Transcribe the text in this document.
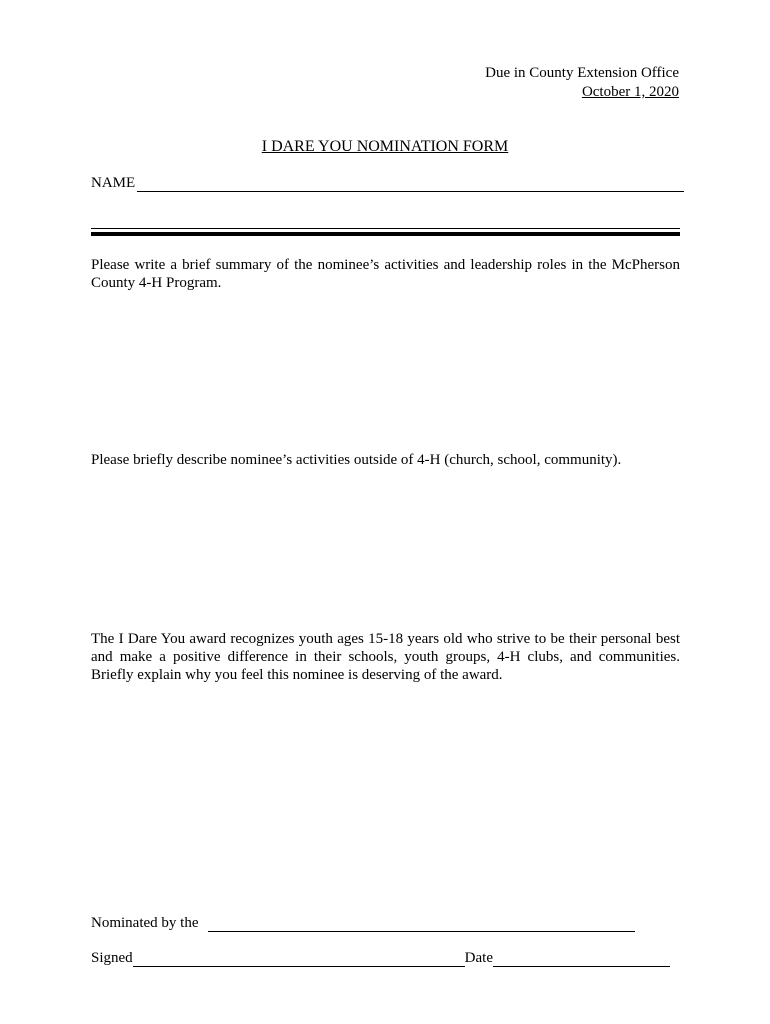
Due in County Extension Office
October 1, 2020
I DARE YOU NOMINATION FORM
NAME
Please write a brief summary of the nominee’s activities and leadership roles in the McPherson County 4-H Program.
Please briefly describe nominee’s activities outside of 4-H (church, school, community).
The I Dare You award recognizes youth ages 15-18 years old who strive to be their personal best and make a positive difference in their schools, youth groups, 4-H clubs, and communities. Briefly explain why you feel this nominee is deserving of the award.
Nominated by the
Signed	Date
